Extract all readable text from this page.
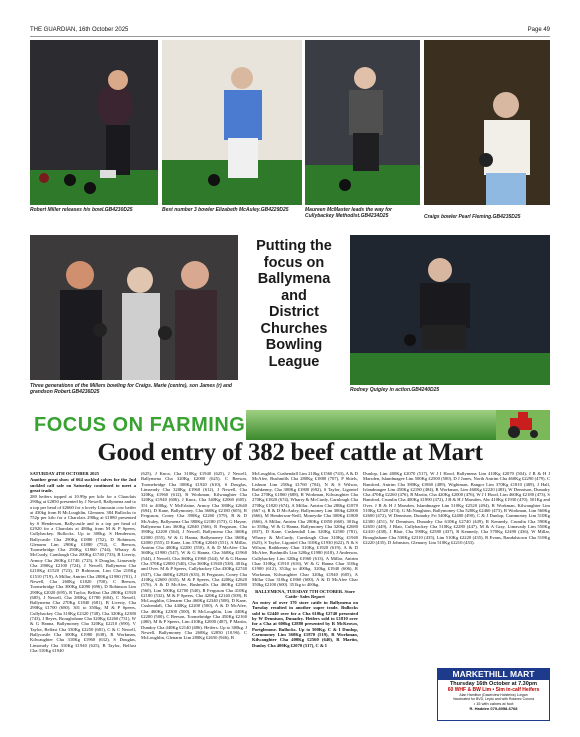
THE GUARDIAN, 16th October 2025	Page 49
Robert Miller releases his bowl.GB4230D25	Best number 3 bowler Elizabeth McAuley.GB4229D25	Maureen McMaster leads the way for Cullybackey Methodist.GB4234D25	Craigs bowler Pearl Fleming.GB4235D25
Putting the
focus on
Ballymena
and
District
Churches
Bowling
League
Three generations of the Millers bowling for Craigs. Marie (centre), son James (r) and grandson Robert.GB4236D25	Rodney Quigley in action.GB4240D25
FOCUS ON FARMING
Good entry of 382 beef cattle at Mart

SATURDAY 4TH OCTOBER 2025

Another great show of 664 suckled calves for the 2nd suckled calf sale on Saturday continued to meet a great trade.

280 heifers topped at 10.99p per kilo for a Charolais 290kg at £2850 presented by J Newell, Ballymena and to a top per head of £2660 for a lovely Limousin cow heifer at 430kg from B McLoughlin, Glenarm. 384 Bullocks to 752p per kilo for a Charolais 290kg at £1880 presented by S Henderson, Ballycastle and to a top per head of £2920 for a Charolais at 480kg from M & P Speers, Cullybackey. Bullocks. Up to 300kg. S Henderson, Ballycastle Cha 290Kg £1880 (752), D Robinson, Glenarm Lim 290Kg £1880 (752), C Beeson, Toomebridge Cha 290Kg £1860 (744), Wharry & McCurdy, Carnlough Cha 200Kg £1740 (733), B Liverty, Armoy Cha 260Kg £1740, (725), S Douglas, Limavady Cha 290Kg £2100 (724), J Newell, Ballymena Cha £210Kg £1520 (723), D Robinson, Lim Cha 210Kg £1510 (719), A Millar, Antrim Cha 280Kg £1980 (701), J Newell, Cha 260Kg £1820 (700), C Beeson, Toomebridge Cha 300Kg £2090 (696), D Robinson Lim 290Kg £2020 (695), R Taylor, Belfast Cha 280Kg £1920 (685), J Newell, Cha 280Kg £1780 (684), C Newell, Ballymena Cha 270Kg £1840 (681), B Liverty, Cha 290Kg £1700 (680). 301 to 350kg. M & P Speers, Cullybackey Cha 310Kg £2320 (748), Cha 320Kg £2380 (743), J Reyes, Broughshane Cha 320Kg £2260 (731), W & G Hanna, Ballymoney Cha 320Kg £2210 (690), V Taylor, Belfast Cha 330Kg £2250 (681), C & C Newell, Ballycastle Cha 300Kg £1980 (638), R Workman, Kilwaughter Cha 310Kg £1960 (632), S Douglas, Limavady Cha 310Kg £1940 (625), B Taylor, Belfast Cha 310Kg £1940

(625), J Knox, Cha 310Kg £1940 (625), J Newell, Ballymena Cha 320Kg £2000 (625), C Beeson, Toomebridge Cha 300Kg £1920 (610), S Douglas, Limavady Cha 320Kg £1960 (612), J Newell, Cha 320Kg £1960 (612), R Workman, Kilwaughter Cha 320Kg £1940 (606), J Knox, Cha 340Kg £2060 (605). 351 to 400kg. V McErlaine, Armoy Cha 380Kg £2640 (694), D Kane, Ballymoney, Cha 360Kg £2180 (605), R Ferguson, Coney Cha 390Kg £2260 (579), B & D McAuley, Ballymena Cha 380Kg £2180 (573), G Hayne, Ballymena Lim 360Kg £2040 (566), R Ferguson, Cha 390Kg £2200 (564), J Newell, Ballymena Cha 360Kg £2000 (555), W & G Hanna, Ballymoney Cha 360Kg £2000 (555), D Kane, Lim 370Kg £2040 (551), A Millar, Antrim Cha 400Kg £2200 (550), A & D McAfee Cha 360Kg £1980 (547), W & G Hanna, Cha 360Kg £1960 (544), J Newell, Cha 360Kg £1960 (544), W & G Hanna Cha 370Kg £2000 (540), Cha 360Kg £1940 (538). 401kg and Over. M & P Speers, Cullybackey Cha 430Kg £2740 (637), Cha 460Kg £2920 (635), R Ferguson, Coney Cha 410Kg £2600 (635), M & P Speers, Cha 420Kg £2620 (576), A & D McAfee, Bushmills Cha 460Kg £2580 (560), Lim 500Kg £2700 (540), R Ferguson Cha 410Kg £2180 (532), M & P Speers, Cha 420Kg £2140 (509), B McLoughlin, Glenarm Cha 460Kg £2340 (508), D Kane, Cushendall, Cha 440Kg £2200 (500), A & D McAfee, Cha 460Kg £2300 (500), B McLoughlin, Lim 440Kg £2200 (500), C Beeson, Toomebridge Cha 450Kg £2160 (480), M & P Speers, Lim 410Kg £2000 (487), P Martin, Dundoy Cha 440Kg £2140 (486). Heifers. Up to 300kg. J Newell, Ballymoney Cha 260Kg £2850 (10.96), C McLoughlin, Glenarm Lim 280Kg £2650 (946), B

McLoughlin, Cushendall Lim 210kg £1560 (743), A & D McAfee, Bushmills Cha 280Kg £1880 (707), P Shiels, Lisburn Lim 250kg £1760 (704), N & S Wilson, Rathkenny, Cha 300Kg £1800 (692), S Taylor, Ligoniel Cha 270Kg £1860 (688), R Workman, Kilwaughter Cha 270Kg £1820 (674), Wharry & McCurdy, Carnlough Cha 270Kg £1820 (674), A Millar, Antrim Cha 280kg £1870 (667 s), R & D McAuley, Ballymoney Lim 300kg £2000 (666), M Henderson-Neill, Moneydie Cha 300Kg £1800 (666), A Millar, Antrim Cha 280Kg £1850 (660). 301kg to 350kg. W & G Hanna, Ballymoney Cha 320kg £2680 (837), D Kane, Cushendall Lim 320Kg £2500 (781), Wharry & McCurdy, Carnlough Char 310Kg £1940 (625), S Taylor, Ligoniel Cha 310Kg £1930 (622), N & S Wilson, Rathkenny Char 310Kg £1920 (619), A & D McAfee, Bushmills Lim 320kg £1980 (618), J Anderson, Cullybackey Lim 320kg £1960 (613), A Millar, Antrim Char 310Kg £1910 (616), W & G Hanna Char 310kg £1900 (612), 351kg to 400kg. 320kg £1940 (606), R Workman, Kilwaughter Char 320kg £1940 (605), A Millar Char 310kg £1860 (600), A & D McAfee Char 350kg £2100 (600). 351kg to 400kg.

BALLYMENA, TUESDAY 7TH OCTOBER. Store Cattle- Sales Report

An entry of over 370 store cattle in Ballymena on Tuesday resulted in another super trade. Bullocks sold to £2440 over for a Cha 610kg £2740 presented by W Dennison, Dunadry. Heifers sold to £1810 over for a Cha at 600kg £2880 presented by R McKeown, Portglenone. Bullocks. Up to 500Kg. C & I Dunlop, Carnmoney Lim 360Kg £1870 (519), R Workman, Kilwaughter Cha 400Kg £2560 (640), R Martin, Dunloy Cha 400Kg £2070 (517), C & I

Dunlop, Lim 400Kg £2070 (517), W J I Hood, Ballymena Lim 410Kg £2070 (504), J B & H J Marsden, Islandmagee Lim 500Kg £2500 (500), D J Jones, North Antrim Cha 460Kg £2290 (479), C Bamford, Antrim Cha 380Kg £1860 (489), Wightman, Bangor Lim 370Kg £1810 (489), J Hall, Islandmagee Lim 450Kg £2180 (484), R Workman, Lim 460Kg £2220 (483), W Dennison, Dunadry Cha 470Kg £2260 (476), R Martin, Cha 420Kg £2000 (476), W J I Hood, Lim 460Kg £2180 (473), S Bamford, Crumlin Cha 400Kg £1890 (472), J B & H J Marsden, Abr 410Kg £1930 (470). 501Kg and Over. J B & H J Marsden, Islandmagee Lim 510Kg £2520 (494), R Workman, Kilwaughter Lim 510Kg £2520 (474), G McNaughton, Ballymoney Cha 520Kg £2460 (473), R Workman, Lim 560Kg £2600 (472), W Dennison, Dunadry Fri 540Kg £2480 (490), C & J Dunlop, Carnmoney Lim 510Kg £2300 (451), W Dennison, Dunadry Cha 610Kg £2740 (449), R Kennedy, Crumlin Cha 590Kg £2650 (449), J Blair, Cullybackey Cha 510Kg £2280 (447), M & A Gray, Limavady Lim 550Kg £2410 (438), J Blair, Cha 590Kg £2580 (437), R Kennedy, Cha 570Kg £2490 (436), W Millar, Broughshane Cha 530Kg £2310 (435), Lim 510Kg £2220 (435), R Evans, Randalstown Cha 510Kg £2220 (435), D Johnston, Glenarry Lim 510Kg £2210 (433).

MARKETHILL MART
Thursday 16th October at 7.30pm
60 WHF & BW Lim • Sim in-calf Heifers
Alan Hamilton (Dawnview Holsteins) Lurgan
Vaccinated for BVD, Lepto and with Rotavec Corona
• 15 with calves at foot
R. Hadden 079-8958-6768
